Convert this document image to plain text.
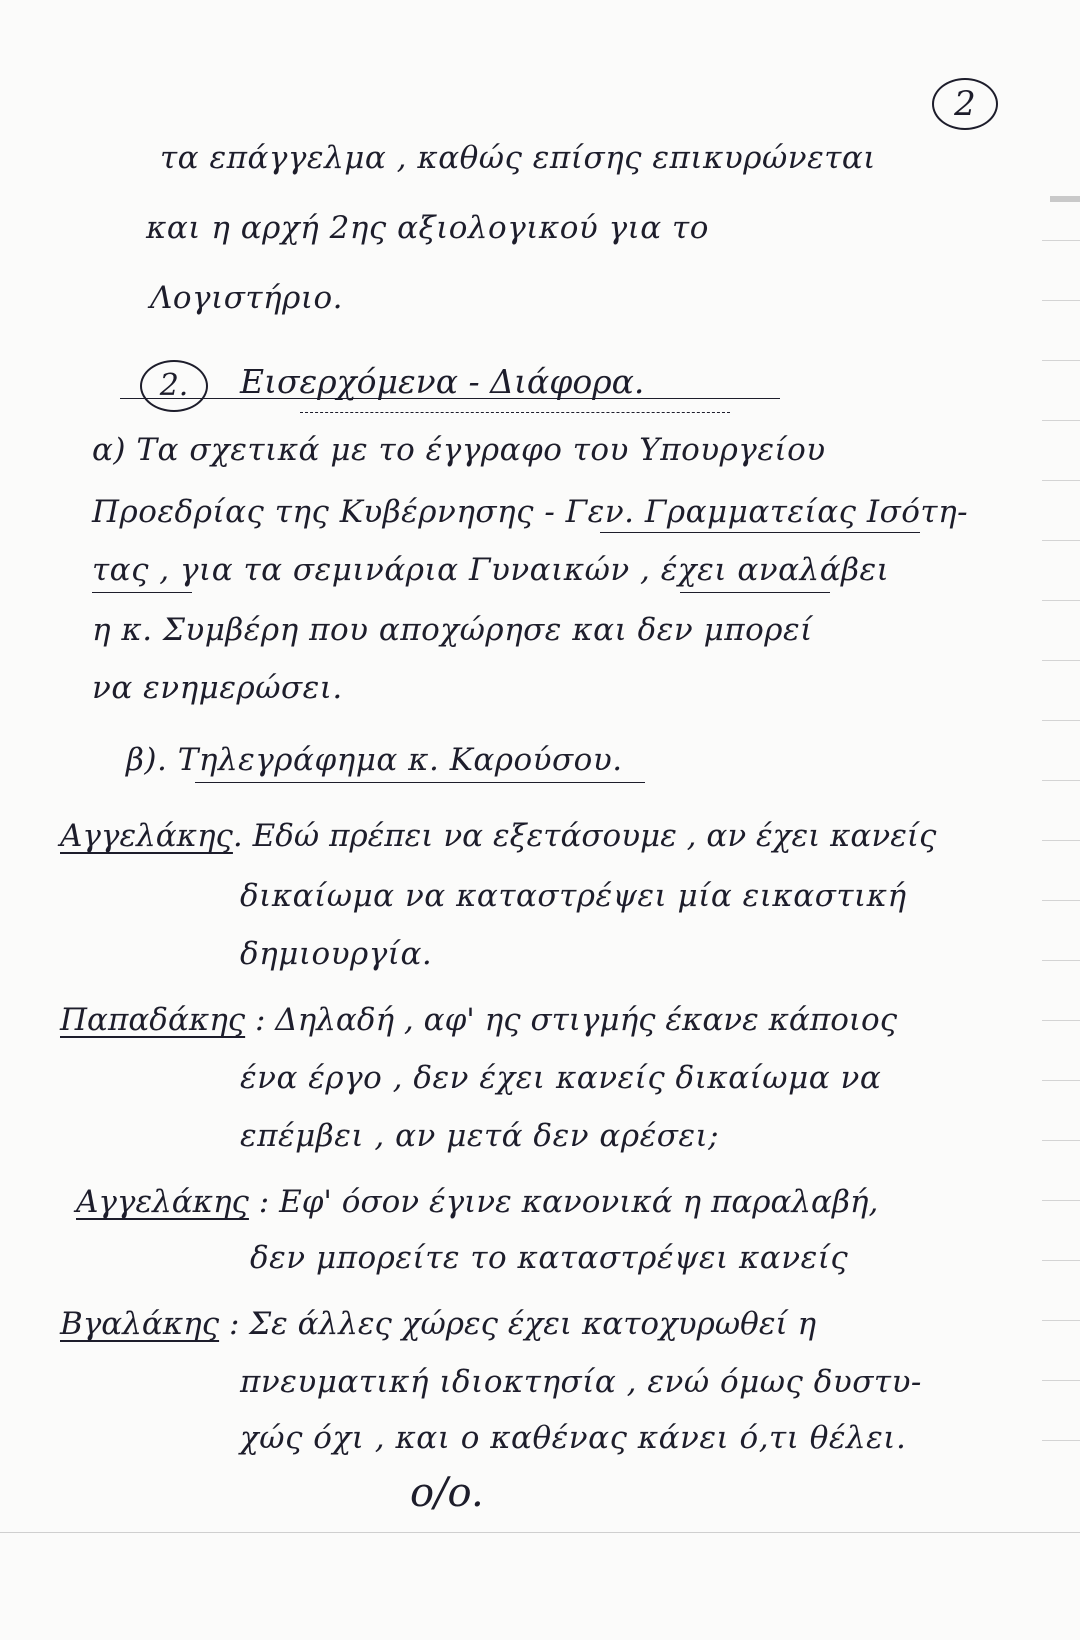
2
τα επάγγελμα , καθώς επίσης επικυρώνεται
και η αρχή 2ης αξιολογικού για το
Λογιστήριο.
2.	Εισερχόμενα - Διάφορα.
α) Τα σχετικά με το έγγραφο του Υπουργείου
Προεδρίας της Κυβέρνησης - Γεν. Γραμματείας Ισότη-
τας , για τα σεμινάρια Γυναικών , έχει αναλάβει
η κ. Συμβέρη που αποχώρησε και δεν μπορεί
να ενημερώσει.
β). Τηλεγράφημα κ. Καρούσου.
Αγγελάκης. Εδώ πρέπει να εξετάσουμε , αν έχει κανείς
δικαίωμα να καταστρέψει μία εικαστική
δημιουργία.
Παπαδάκης : Δηλαδή , αφ' ης στιγμής έκανε κάποιος
ένα έργο , δεν έχει κανείς δικαίωμα να
επέμβει , αν μετά δεν αρέσει;
Αγγελάκης : Εφ' όσον έγινε κανονικά η παραλαβή,
δεν μπορείτε το καταστρέψει κανείς
Βγαλάκης : Σε άλλες χώρες έχει κατοχυρωθεί η
πνευματική ιδιοκτησία , ενώ όμως δυστυ-
χώς όχι , και ο καθένας κάνει ό,τι θέλει.
o/o.
